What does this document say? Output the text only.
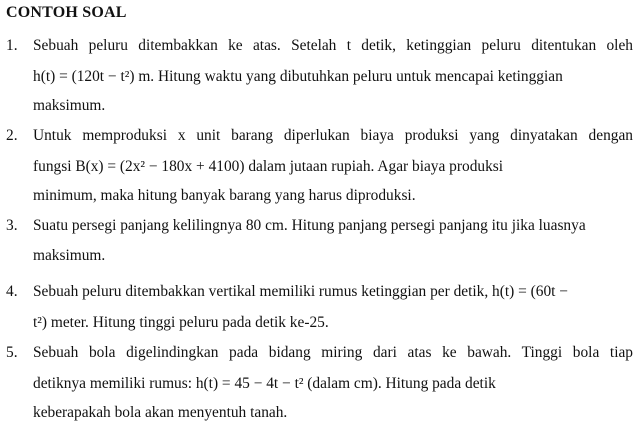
CONTOH SOAL
1. Sebuah peluru ditembakkan ke atas. Setelah t detik, ketinggian peluru ditentukan oleh
h(t) = (120t − t²) m. Hitung waktu yang dibutuhkan peluru untuk mencapai ketinggian
maksimum.
2. Untuk memproduksi x unit barang diperlukan biaya produksi yang dinyatakan dengan
fungsi B(x) = (2x² − 180x + 4100) dalam jutaan rupiah. Agar biaya produksi
minimum, maka hitung banyak barang yang harus diproduksi.
3. Suatu persegi panjang kelilingnya 80 cm. Hitung panjang persegi panjang itu jika luasnya
maksimum.
4. Sebuah peluru ditembakkan vertikal memiliki rumus ketinggian per detik, h(t) = (60t −
t²) meter. Hitung tinggi peluru pada detik ke-25.
5. Sebuah bola digelindingkan pada bidang miring dari atas ke bawah. Tinggi bola tiap
detiknya memiliki rumus: h(t) = 45 − 4t − t² (dalam cm). Hitung pada detik
keberapakah bola akan menyentuh tanah.
